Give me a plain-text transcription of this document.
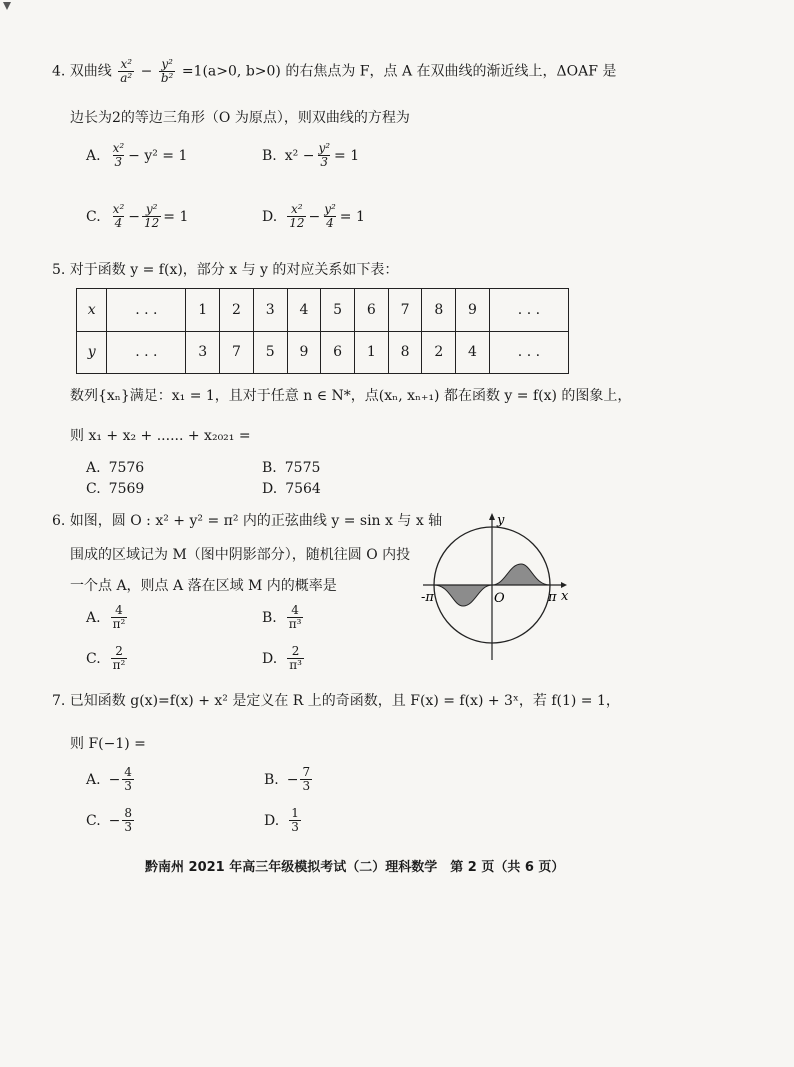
4. 双曲线 $\frac{\text{x²}}{\text{a²}} - \frac{\text{y²}}{\text{b²}} =1(a>0$, b>0) 的右焦点为 F，点 A 在双曲线的渐近线上，ΔOAF 是
边长为2的等边三角形（O 为原点），则双曲线的方程为
A. $\frac{\text{x²}}{3} - y^2 = 1$	B. $x^2 - \frac{\text{y²}}{3} = 1$
C. $\frac{\text{x²}}{4} - \frac{\text{y²}}{12} = 1$	D. $\frac{\text{x²}}{12} - \frac{\text{y²}}{4} = 1$
5. 对于函数 y = f(x)，部分 x 与 y 的对应关系如下表：
x	. . .	1	2	3	4	5	6	7	8	9	. . .
y	. . .	3	7	5	9	6	1	8	2	4	. . .
数列{xₙ}满足：x₁ = 1，且对于任意 n ∈ N*，点(xₙ, xₙ₊₁) 都在函数 y = f(x) 的图象上，
则 x₁ + x₂ + ...... + x₂₀₂₁ =
A. 7576	B. 7575
C. 7569	D. 7564
6. 如图，圆 O : x² + y² = π² 内的正弦曲线 y = sin x 与 x 轴
围成的区域记为 M（图中阴影部分），随机往圆 O 内投
一个点 A，则点 A 落在区域 M 内的概率是
A. $\frac{4}{\text{π²}}$	B. $\frac{4}{\text{π³}}$
C. $\frac{2}{\text{π²}}$	D. $\frac{2}{\text{π³}}$
y
x
-π	π
O
7. 已知函数 g(x)=f(x) + x² 是定义在 R 上的奇函数，且 F(x) = f(x) + 3ˣ，若 f(1) = 1，
则 F(−1) =
A. − $\frac{4}{3}$	B. − $\frac{7}{3}$
C. − $\frac{8}{3}$	D. $\frac{1}{3}$
黔南州 2021 年高三年级模拟考试（二）理科数学　第 2 页（共 6 页）
